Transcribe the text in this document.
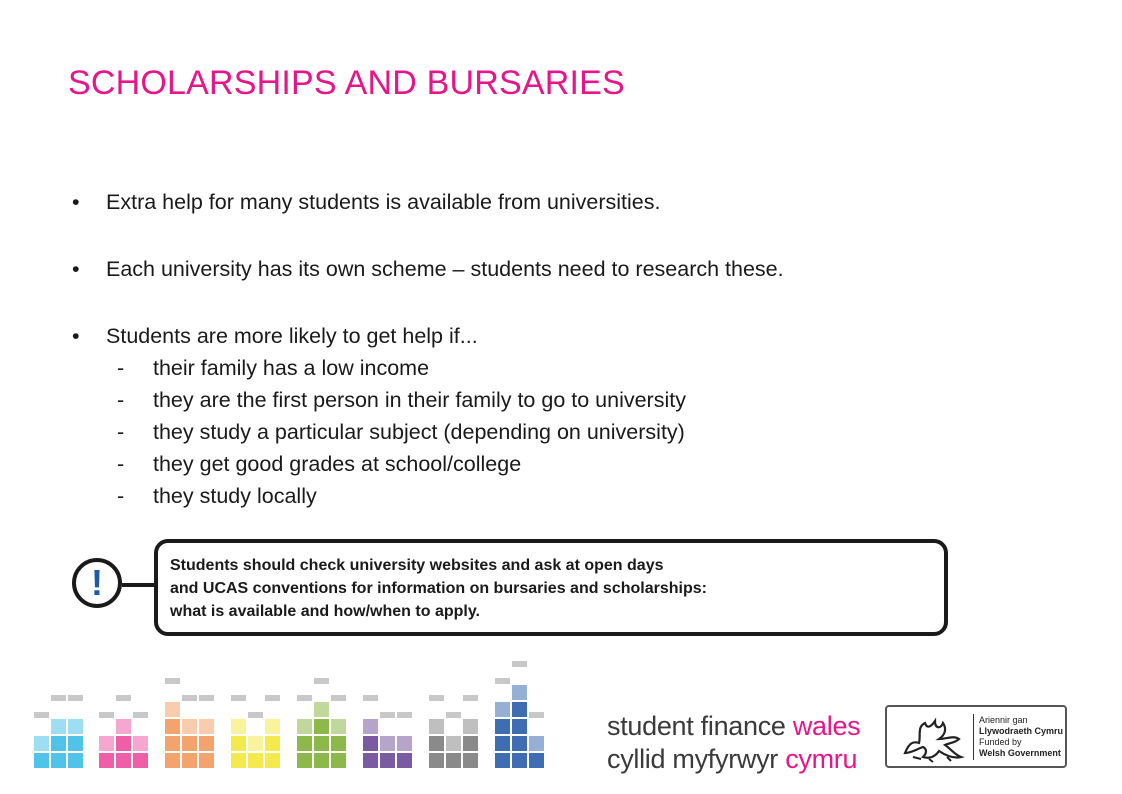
SCHOLARSHIPS AND BURSARIES
• Extra help for many students is available from universities.
• Each university has its own scheme – students need to research these.
• Students are more likely to get help if...
- their family has a low income
- they are the first person in their family to go to university
- they study a particular subject (depending on university)
- they get good grades at school/college
- they study locally
!	Students should check university websites and ask at open days
and UCAS conventions for information on bursaries and scholarships:
what is available and how/when to apply.
student finance wales
cyllid myfyrwyr cymru
Ariennir gan
Llywodraeth Cymru
Funded by
Welsh Government
